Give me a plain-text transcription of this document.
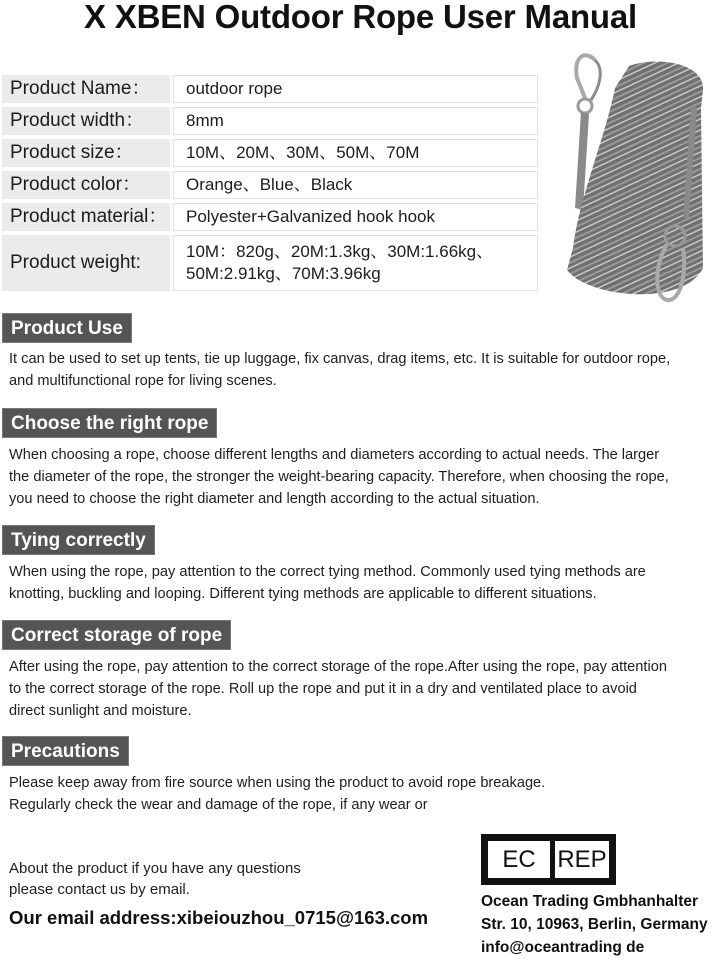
X XBEN Outdoor Rope User Manual
Product Name：	outdoor rope
Product width：	8mm
Product size：	10M、20M、30M、50M、70M
Product color：	Orange、Blue、Black
Product material：	Polyester+Galvanized hook hook
Product weight:
10M：820g、20M:1.3kg、30M:1.66kg、
50M:2.91kg、70M:3.96kg
Product Use
It can be used to set up tents, tie up luggage, fix canvas, drag items, etc. It is suitable for outdoor rope,
and multifunctional rope for living scenes.
Choose the right rope
When choosing a rope, choose different lengths and diameters according to actual needs. The larger
the diameter of the rope, the stronger the weight-bearing capacity. Therefore, when choosing the rope,
you need to choose the right diameter and length according to the actual situation.
Tying correctly
When using the rope, pay attention to the correct tying method. Commonly used tying methods are
knotting, buckling and looping. Different tying methods are applicable to different situations.
Correct storage of rope
After using the rope, pay attention to the correct storage of the rope.After using the rope, pay attention
to the correct storage of the rope. Roll up the rope and put it in a dry and ventilated place to avoid
direct sunlight and moisture.
Precautions
Please keep away from fire source when using the product to avoid rope breakage.
Regularly check the wear and damage of the rope, if any wear or
About the product if you have any questions
please contact us by email.
Our email address:xibeiouzhou_0715@163.com
EC REP
Ocean Trading Gmbhanhalter
Str. 10, 10963, Berlin, Germany
info@oceantrading de
